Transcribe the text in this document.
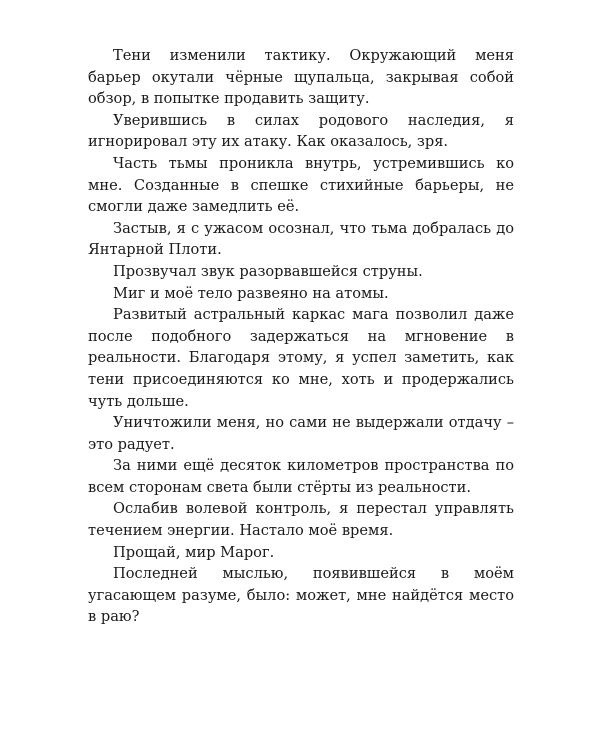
Тени изменили тактику. Окружающий меня барьер окутали чёрные щупальца, закрывая собой обзор, в попытке продавить защиту.

Уверившись в силах родового наследия, я игнорировал эту их атаку. Как оказалось, зря.

Часть тьмы проникла внутрь, устремившись ко мне. Созданные в спешке стихийные барьеры, не смогли даже замедлить её.

Застыв, я с ужасом осознал, что тьма добралась до Янтарной Плоти.

Прозвучал звук разорвавшейся струны.

Миг и моё тело развеяно на атомы.

Развитый астральный каркас мага позволил даже после подобного задержаться на мгновение в реальности. Благодаря этому, я успел заметить, как тени присоединяются ко мне, хоть и продержались чуть дольше.

Уничтожили меня, но сами не выдержали отдачу – это радует.

За ними ещё десяток километров пространства по всем сторонам света были стёрты из реальности.

Ослабив волевой контроль, я перестал управлять течением энергии. Настало моё время.

Прощай, мир Марог.

Последней мыслью, появившейся в моём угасающем разуме, было: может, мне найдётся место в раю?
